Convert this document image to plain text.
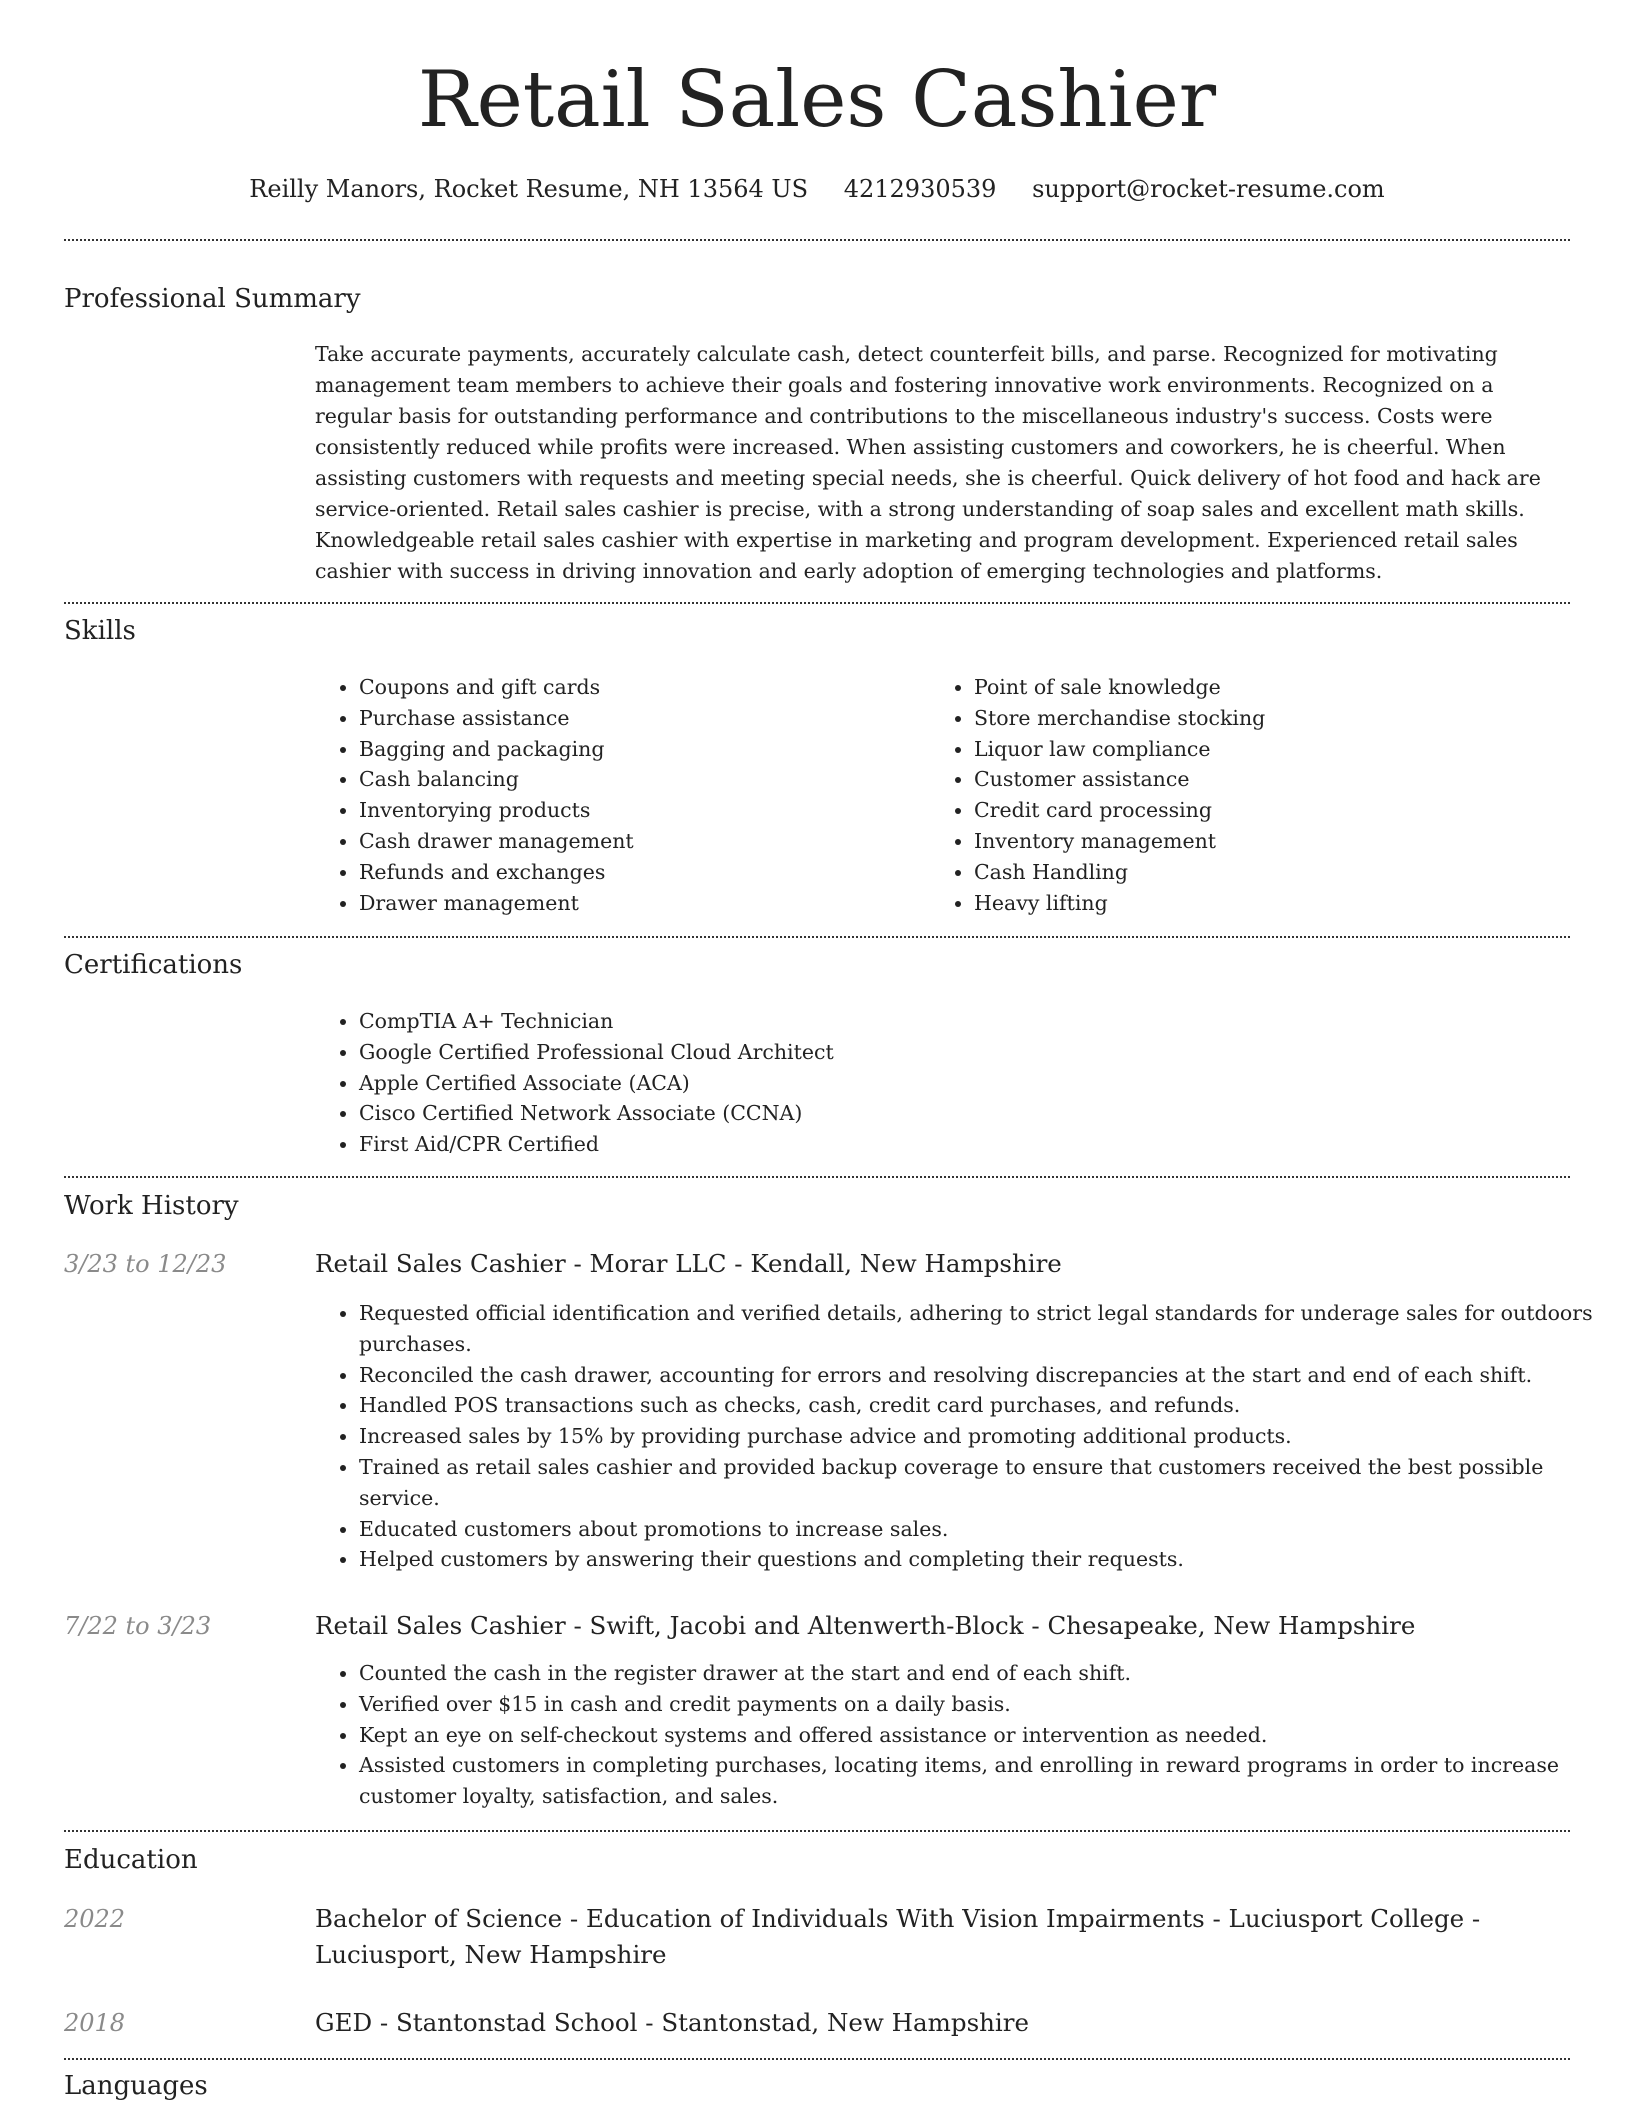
Retail Sales Cashier
Reilly Manors, Rocket Resume, NH 13564 US 4212930539 support@rocket-resume.com
Professional Summary
Take accurate payments, accurately calculate cash, detect counterfeit bills, and parse. Recognized for motivating management team members to achieve their goals and fostering innovative work environments. Recognized on a regular basis for outstanding performance and contributions to the miscellaneous industry's success. Costs were consistently reduced while profits were increased. When assisting customers and coworkers, he is cheerful. When assisting customers with requests and meeting special needs, she is cheerful. Quick delivery of hot food and hack are service-oriented. Retail sales cashier is precise, with a strong understanding of soap sales and excellent math skills. Knowledgeable retail sales cashier with expertise in marketing and program development. Experienced retail sales cashier with success in driving innovation and early adoption of emerging technologies and platforms.
Skills
• Coupons and gift cards
• Purchase assistance
• Bagging and packaging
• Cash balancing
• Inventorying products
• Cash drawer management
• Refunds and exchanges
• Drawer management
• Point of sale knowledge
• Store merchandise stocking
• Liquor law compliance
• Customer assistance
• Credit card processing
• Inventory management
• Cash Handling
• Heavy lifting
Certifications
• CompTIA A+ Technician
• Google Certified Professional Cloud Architect
• Apple Certified Associate (ACA)
• Cisco Certified Network Associate (CCNA)
• First Aid/CPR Certified
Work History
3/23 to 12/23	Retail Sales Cashier - Morar LLC - Kendall, New Hampshire
• Requested official identification and verified details, adhering to strict legal standards for underage sales for outdoors purchases.
• Reconciled the cash drawer, accounting for errors and resolving discrepancies at the start and end of each shift.
• Handled POS transactions such as checks, cash, credit card purchases, and refunds.
• Increased sales by 15% by providing purchase advice and promoting additional products.
• Trained as retail sales cashier and provided backup coverage to ensure that customers received the best possible service.
• Educated customers about promotions to increase sales.
• Helped customers by answering their questions and completing their requests.
7/22 to 3/23	Retail Sales Cashier - Swift, Jacobi and Altenwerth-Block - Chesapeake, New Hampshire
• Counted the cash in the register drawer at the start and end of each shift.
• Verified over $15 in cash and credit payments on a daily basis.
• Kept an eye on self-checkout systems and offered assistance or intervention as needed.
• Assisted customers in completing purchases, locating items, and enrolling in reward programs in order to increase customer loyalty, satisfaction, and sales.
Education
2022	Bachelor of Science - Education of Individuals With Vision Impairments - Luciusport College - Luciusport, New Hampshire
2018	GED - Stantonstad School - Stantonstad, New Hampshire
Languages
